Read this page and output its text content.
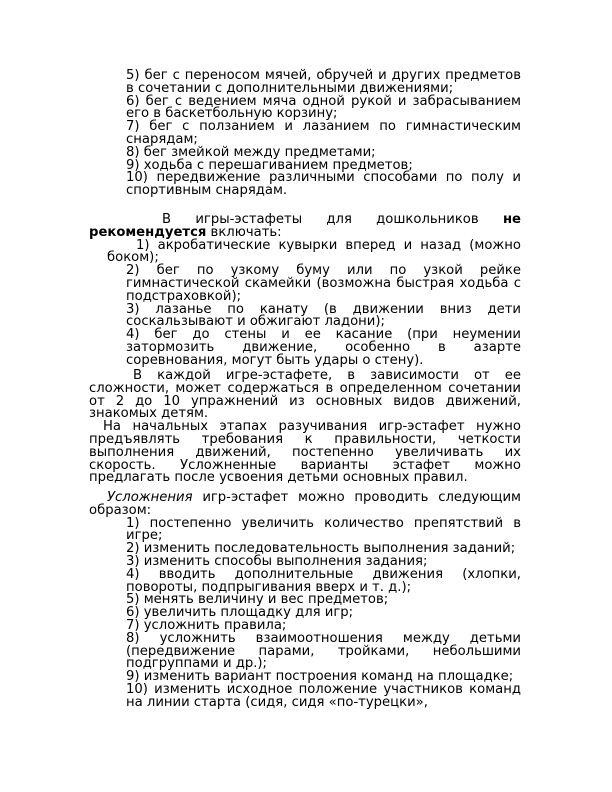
5) бег с переносом мячей, обручей и других предметов в сочетании с дополнительными движениями;

6) бег с ведением мяча одной рукой и забрасыванием его в баскетбольную корзину;

7) бег с ползанием и лазанием по гимнастическим снарядам;

8) бег змейкой между предметами;

9) ходьба с перешагиванием предметов;

10) передвижение различными способами по полу и спортивным снарядам.

В игры-эстафеты для дошкольников не рекомендуется включать:

1) акробатические кувырки вперед и назад (можно боком);

2) бег по узкому буму или по узкой рейке гимнастической скамейки (возможна быстрая ходьба с подстраховкой);

3) лазанье по канату (в движении вниз дети соскальзывают и обжигают ладони);

4) бег до стены и ее касание (при неумении затормозить движение, особенно в азарте соревнования, могут быть удары о стену).

В каждой игре-эстафете, в зависимости от ее сложности, может содержаться в определенном сочетании от 2 до 10 упражнений из основных видов движений, знакомых детям.

На начальных этапах разучивания игр-эстафет нужно предъявлять требования к правильности, четкости выполнения движений, постепенно увеличивать их скорость. Усложненные варианты эстафет можно предлагать после усвоения детьми основных правил.

Усложнения игр-эстафет можно проводить следующим образом:

1) постепенно увеличить количество препятствий в игре;

2) изменить последовательность выполнения заданий;

3) изменить способы выполнения задания;

4) вводить дополнительные движения (хлопки, повороты, подпрыгивания вверх и т. д.);

5) менять величину и вес предметов;

6) увеличить площадку для игр;

7) усложнить правила;

8) усложнить взаимоотношения между детьми (передвижение парами, тройками, небольшими подгруппами и др.);

9) изменить вариант построения команд на площадке;

10) изменить исходное положение участников команд на линии старта (сидя, сидя «по-турецки»,
